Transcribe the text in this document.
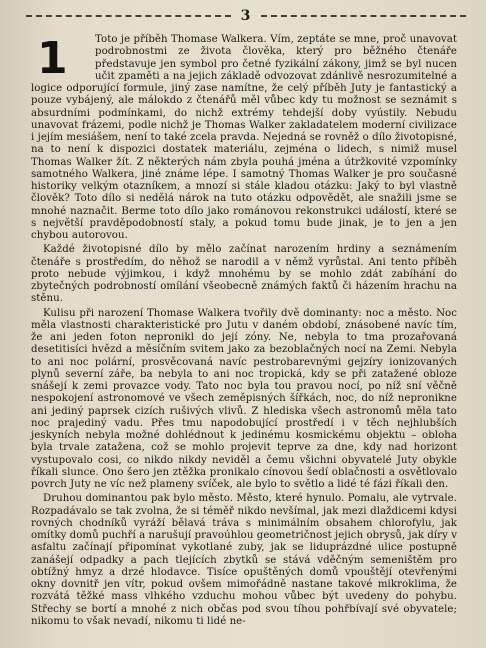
3
1	Toto je příběh Thomase Walkera. Vím, zeptáte se mne, proč unavovat podrobnostmi ze života člověka, který pro běžného čtenáře představuje jen symbol pro četné fyzikální zákony, jimž se byl nucen učit zpaměti a na jejich základě odvozovat zdánlivě nesrozumitelné a logice odporující formule, jiný zase namítne, že celý příběh Juty je fantastický a pouze vybájený, ale málokdo z čtenářů měl vůbec kdy tu možnost se seznámit s absurdními podmínkami, do nichž extrémy tehdejší doby vyústily. Nebudu unavovat frázemi, podle nichž je Thomas Walker zakladatelem moderní civilizace i jejím mesiášem, není to také zcela pravda. Nejedná se rovněž o dílo životopisné, na to není k dispozici dostatek materiálu, zejména o lidech, s nimiž musel Thomas Walker žít. Z některých nám zbyla pouhá jména a útržkovité vzpomínky samotného Walkera, jiné známe lépe. I samotný Thomas Walker je pro současné historiky velkým otazníkem, a mnozí si stále kladou otázku: Jaký to byl vlastně člověk? Toto dílo si nedělá nárok na tuto otázku odpovědět, ale snažili jsme se mnohé naznačit. Berme toto dílo jako románovou rekonstrukci událostí, které se s největší pravděpodobností staly, a pokud tomu bude jinak, je to jen a jen chybou autorovou.

Každé životopisné dílo by mělo začínat narozením hrdiny a seznámením čtenáře s prostředím, do něhož se narodil a v němž vyrůstal. Ani tento příběh proto nebude výjimkou, i když mnohému by se mohlo zdát zabíhání do zbytečných podrobností omílání všeobecně známých faktů či házením hrachu na stěnu.

Kulisu při narození Thomase Walkera tvořily dvě dominanty: noc a město. Noc měla vlastnosti charakteristické pro Jutu v daném období, znásobené navíc tím, že ani jeden foton nepronikl do její zóny. Ne, nebyla to tma prozařovaná desetitisíci hvězd a měsíčním svitem jako za bezoblačných nocí na Zemi. Nebyla to ani noc polární, prosvěcovaná navíc pestrobarevnými gejzíry ionizovaných plynů severní záře, ba nebyla to ani noc tropická, kdy se při zatažené obloze snášejí k zemi provazce vody. Tato noc byla tou pravou nocí, po níž sní věčně nespokojení astronomové ve všech zeměpisných šířkách, noc, do níž nepronikne ani jediný paprsek cizích rušivých vlivů. Z hlediska všech astronomů měla tato noc prajediný vadu. Přes tmu napodobující prostředí i v těch nejhlubších jeskyních nebyla možné dohlédnout k jedinému kosmickému objektu – obloha byla trvale zatažena, což se mohlo projevit teprve za dne, kdy nad horizont vystupovalo cosi, co nikdo nikdy neviděl a čemu všichni obyvatelé Juty obykle říkali slunce. Ono šero jen ztěžka pronikalo cínovou šedí oblačnosti a osvětlovalo povrch Juty ne víc než plameny svíček, ale bylo to světlo a lidé té fázi říkali den.

Druhou dominantou pak bylo město. Město, které hynulo. Pomalu, ale vytrvale. Rozpadávalo se tak zvolna, že si téměř nikdo nevšímal, jak mezi dlaždicemi kdysi rovných chodníků vyráží bělavá tráva s minimálním obsahem chlorofylu, jak omítky domů puchří a narušují pravoúhlou geometričnost jejich obrysů, jak díry v asfaltu začínají připomínat vykotlané zuby, jak se liduprázdné ulice postupně zanášejí odpadky a pach tlejících zbytků se stává vděčným semeništěm pro obtížný hmyz a drzé hlodavce. Tisíce opuštěných domů vpouštějí otevřenými okny dovnitř jen vítr, pokud ovšem mimořádně nastane takové mikroklima, že rozvátá těžké mass vlhkého vzduchu mohou vůbec být uvedeny do pohybu. Střechy se bortí a mnohé z nich občas pod svou tíhou pohřbívají své obyvatele; nikomu to však nevadí, nikomu ti lidé ne-
